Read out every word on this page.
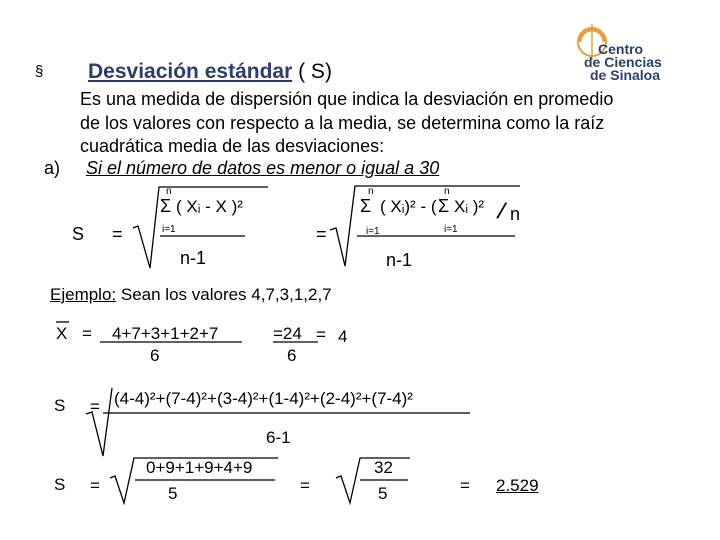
§ Desviación estándar ( S)
Centro
de Ciencias
de Sinaloa
Es una medida de dispersión que indica la desviación en promedio
de los valores con respecto a la media, se determina como la raíz
cuadrática media de las desviaciones:
a) Si el número de datos es menor o igual a 30
S =
n
Σ
i=1
( Xᵢ - X )²
n-1
=
n
Σ
i=1
( Xᵢ)² - (
n
Σ
i=1
Xᵢ )² / n
n-1
Ejemplo: Sean los valores 4,7,3,1,2,7
X = 4+7+3+1+2+7
6
=24
6
= 4
S = (4-4)²+(7-4)²+(3-4)²+(1-4)²+(2-4)²+(7-4)²
6-1
S =
0+9+1+9+4+9
5	=
32
5	= 2.529
